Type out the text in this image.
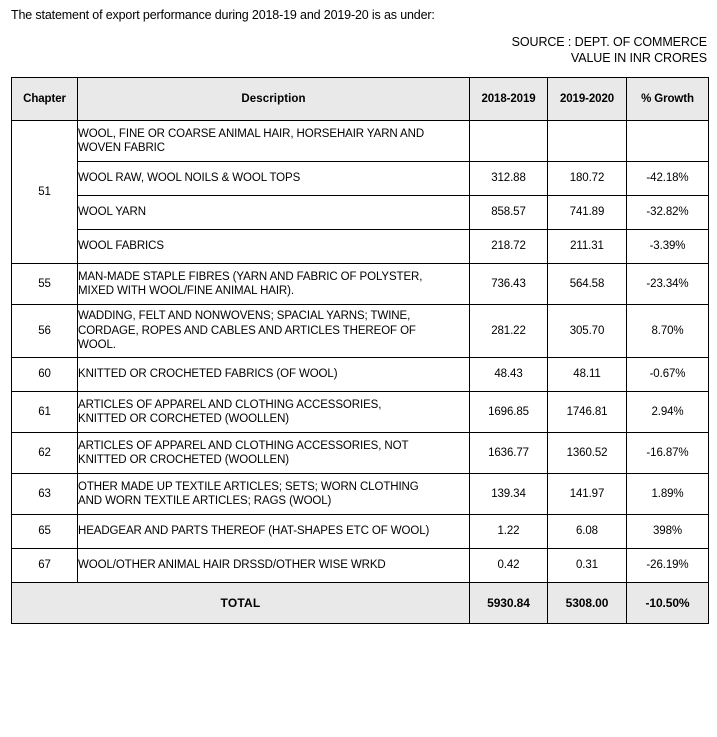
The statement of export performance during 2018-19 and 2019-20 is as under:

SOURCE : DEPT. OF COMMERCE
VALUE IN INR CRORES
Chapter	Description	2018-2019	2019-2020	% Growth
51	WOOL, FINE OR COARSE ANIMAL HAIR, HORSEHAIR YARN AND
WOVEN FABRIC			

	WOOL RAW, WOOL NOILS & WOOL TOPS	312.88	180.72	-42.18%

	WOOL YARN	858.57	741.89	-32.82%

	WOOL FABRICS	218.72	211.31	-3.39%
55	MAN-MADE STAPLE FIBRES (YARN AND FABRIC OF POLYSTER,
MIXED WITH WOOL/FINE ANIMAL HAIR).	736.43	564.58	-23.34%
56	WADDING, FELT AND NONWOVENS; SPACIAL YARNS; TWINE,
CORDAGE, ROPES AND CABLES AND ARTICLES THEREOF OF
WOOL.	281.22	305.70	8.70%
60	KNITTED OR CROCHETED FABRICS (OF WOOL)	48.43	48.11	-0.67%
61	ARTICLES OF APPAREL AND CLOTHING ACCESSORIES,
KNITTED OR CORCHETED (WOOLLEN)	1696.85	1746.81	2.94%
62	ARTICLES OF APPAREL AND CLOTHING ACCESSORIES, NOT
KNITTED OR CROCHETED (WOOLLEN)	1636.77	1360.52	-16.87%
63	OTHER MADE UP TEXTILE ARTICLES; SETS; WORN CLOTHING
AND WORN TEXTILE ARTICLES; RAGS (WOOL)	139.34	141.97	1.89%
65	HEADGEAR AND PARTS THEREOF (HAT-SHAPES ETC OF WOOL)	1.22	6.08	398%
67	WOOL/OTHER ANIMAL HAIR DRSSD/OTHER WISE WRKD	0.42	0.31	-26.19%
TOTAL		5930.84	5308.00	-10.50%
